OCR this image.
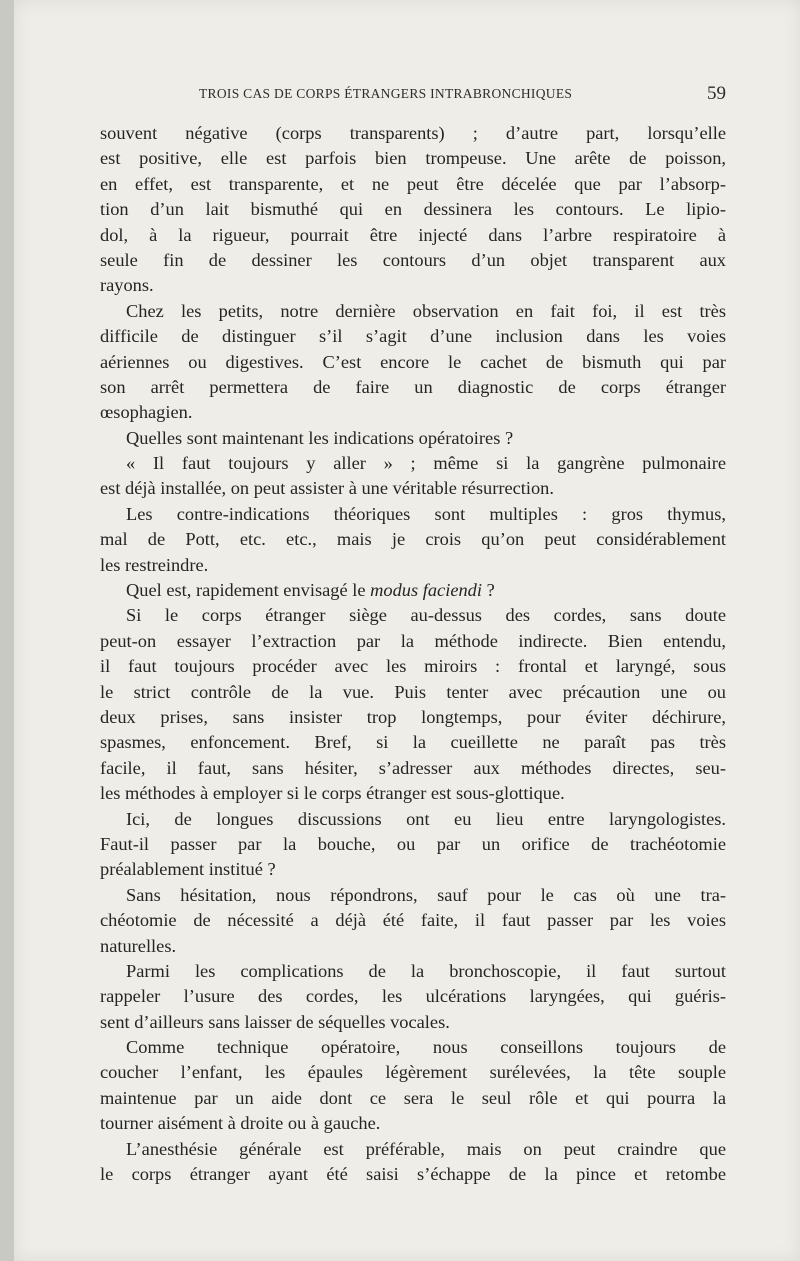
TROIS CAS DE CORPS ÉTRANGERS INTRABRONCHIQUES	59
souvent négative (corps transparents) ; d’autre part, lorsqu’elle
est positive, elle est parfois bien trompeuse. Une arête de poisson,
en effet, est transparente, et ne peut être décelée que par l’absorp-
tion d’un lait bismuthé qui en dessinera les contours. Le lipio-
dol, à la rigueur, pourrait être injecté dans l’arbre respiratoire à
seule fin de dessiner les contours d’un objet transparent aux
rayons.
Chez les petits, notre dernière observation en fait foi, il est très
difficile de distinguer s’il s’agit d’une inclusion dans les voies
aériennes ou digestives. C’est encore le cachet de bismuth qui par
son arrêt permettera de faire un diagnostic de corps étranger
œsophagien.
Quelles sont maintenant les indications opératoires ?
« Il faut toujours y aller » ; même si la gangrène pulmonaire
est déjà installée, on peut assister à une véritable résurrection.
Les contre-indications théoriques sont multiples : gros thymus,
mal de Pott, etc. etc., mais je crois qu’on peut considérablement
les restreindre.
Quel est, rapidement envisagé le modus faciendi ?
Si le corps étranger siège au-dessus des cordes, sans doute
peut-on essayer l’extraction par la méthode indirecte. Bien entendu,
il faut toujours procéder avec les miroirs : frontal et laryngé, sous
le strict contrôle de la vue. Puis tenter avec précaution une ou
deux prises, sans insister trop longtemps, pour éviter déchirure,
spasmes, enfoncement. Bref, si la cueillette ne paraît pas très
facile, il faut, sans hésiter, s’adresser aux méthodes directes, seu-
les méthodes à employer si le corps étranger est sous-glottique.
Ici, de longues discussions ont eu lieu entre laryngologistes.
Faut-il passer par la bouche, ou par un orifice de trachéotomie
préalablement institué ?
Sans hésitation, nous répondrons, sauf pour le cas où une tra-
chéotomie de nécessité a déjà été faite, il faut passer par les voies
naturelles.
Parmi les complications de la bronchoscopie, il faut surtout
rappeler l’usure des cordes, les ulcérations laryngées, qui guéris-
sent d’ailleurs sans laisser de séquelles vocales.
Comme technique opératoire, nous conseillons toujours de
coucher l’enfant, les épaules légèrement surélevées, la tête souple
maintenue par un aide dont ce sera le seul rôle et qui pourra la
tourner aisément à droite ou à gauche.
L’anesthésie générale est préférable, mais on peut craindre que
le corps étranger ayant été saisi s’échappe de la pince et retombe
